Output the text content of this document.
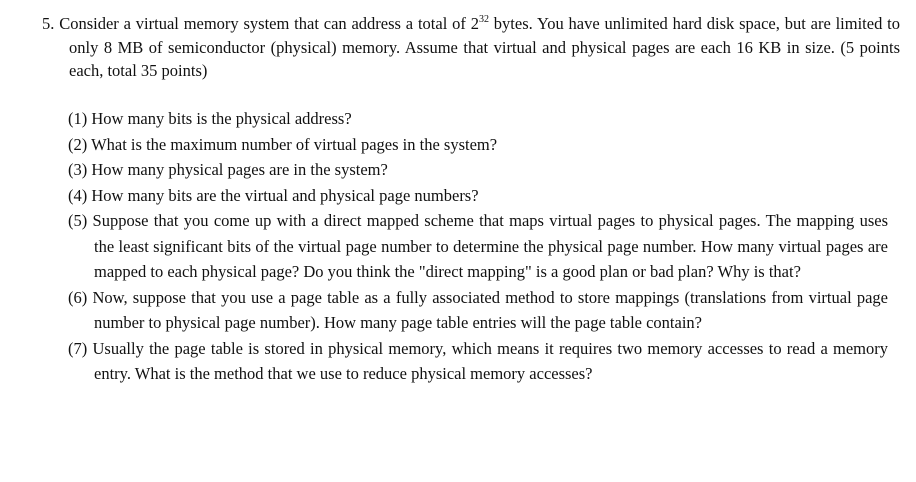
5. Consider a virtual memory system that can address a total of $2^{32}$ bytes. You have unlimited hard disk space, but are limited to only 8 MB of semiconductor (physical) memory. Assume that virtual and physical pages are each 16 KB in size. (5 points each, total 35 points)

(1) How many bits is the physical address?
(2) What is the maximum number of virtual pages in the system?
(3) How many physical pages are in the system?
(4) How many bits are the virtual and physical page numbers?
(5) Suppose that you come up with a direct mapped scheme that maps virtual pages to physical pages. The mapping uses the least significant bits of the virtual page number to determine the physical page number. How many virtual pages are mapped to each physical page? Do you think the "direct mapping" is a good plan or bad plan? Why is that?
(6) Now, suppose that you use a page table as a fully associated method to store mappings (translations from virtual page number to physical page number). How many page table entries will the page table contain?
(7) Usually the page table is stored in physical memory, which means it requires two memory accesses to read a memory entry. What is the method that we use to reduce physical memory accesses?
